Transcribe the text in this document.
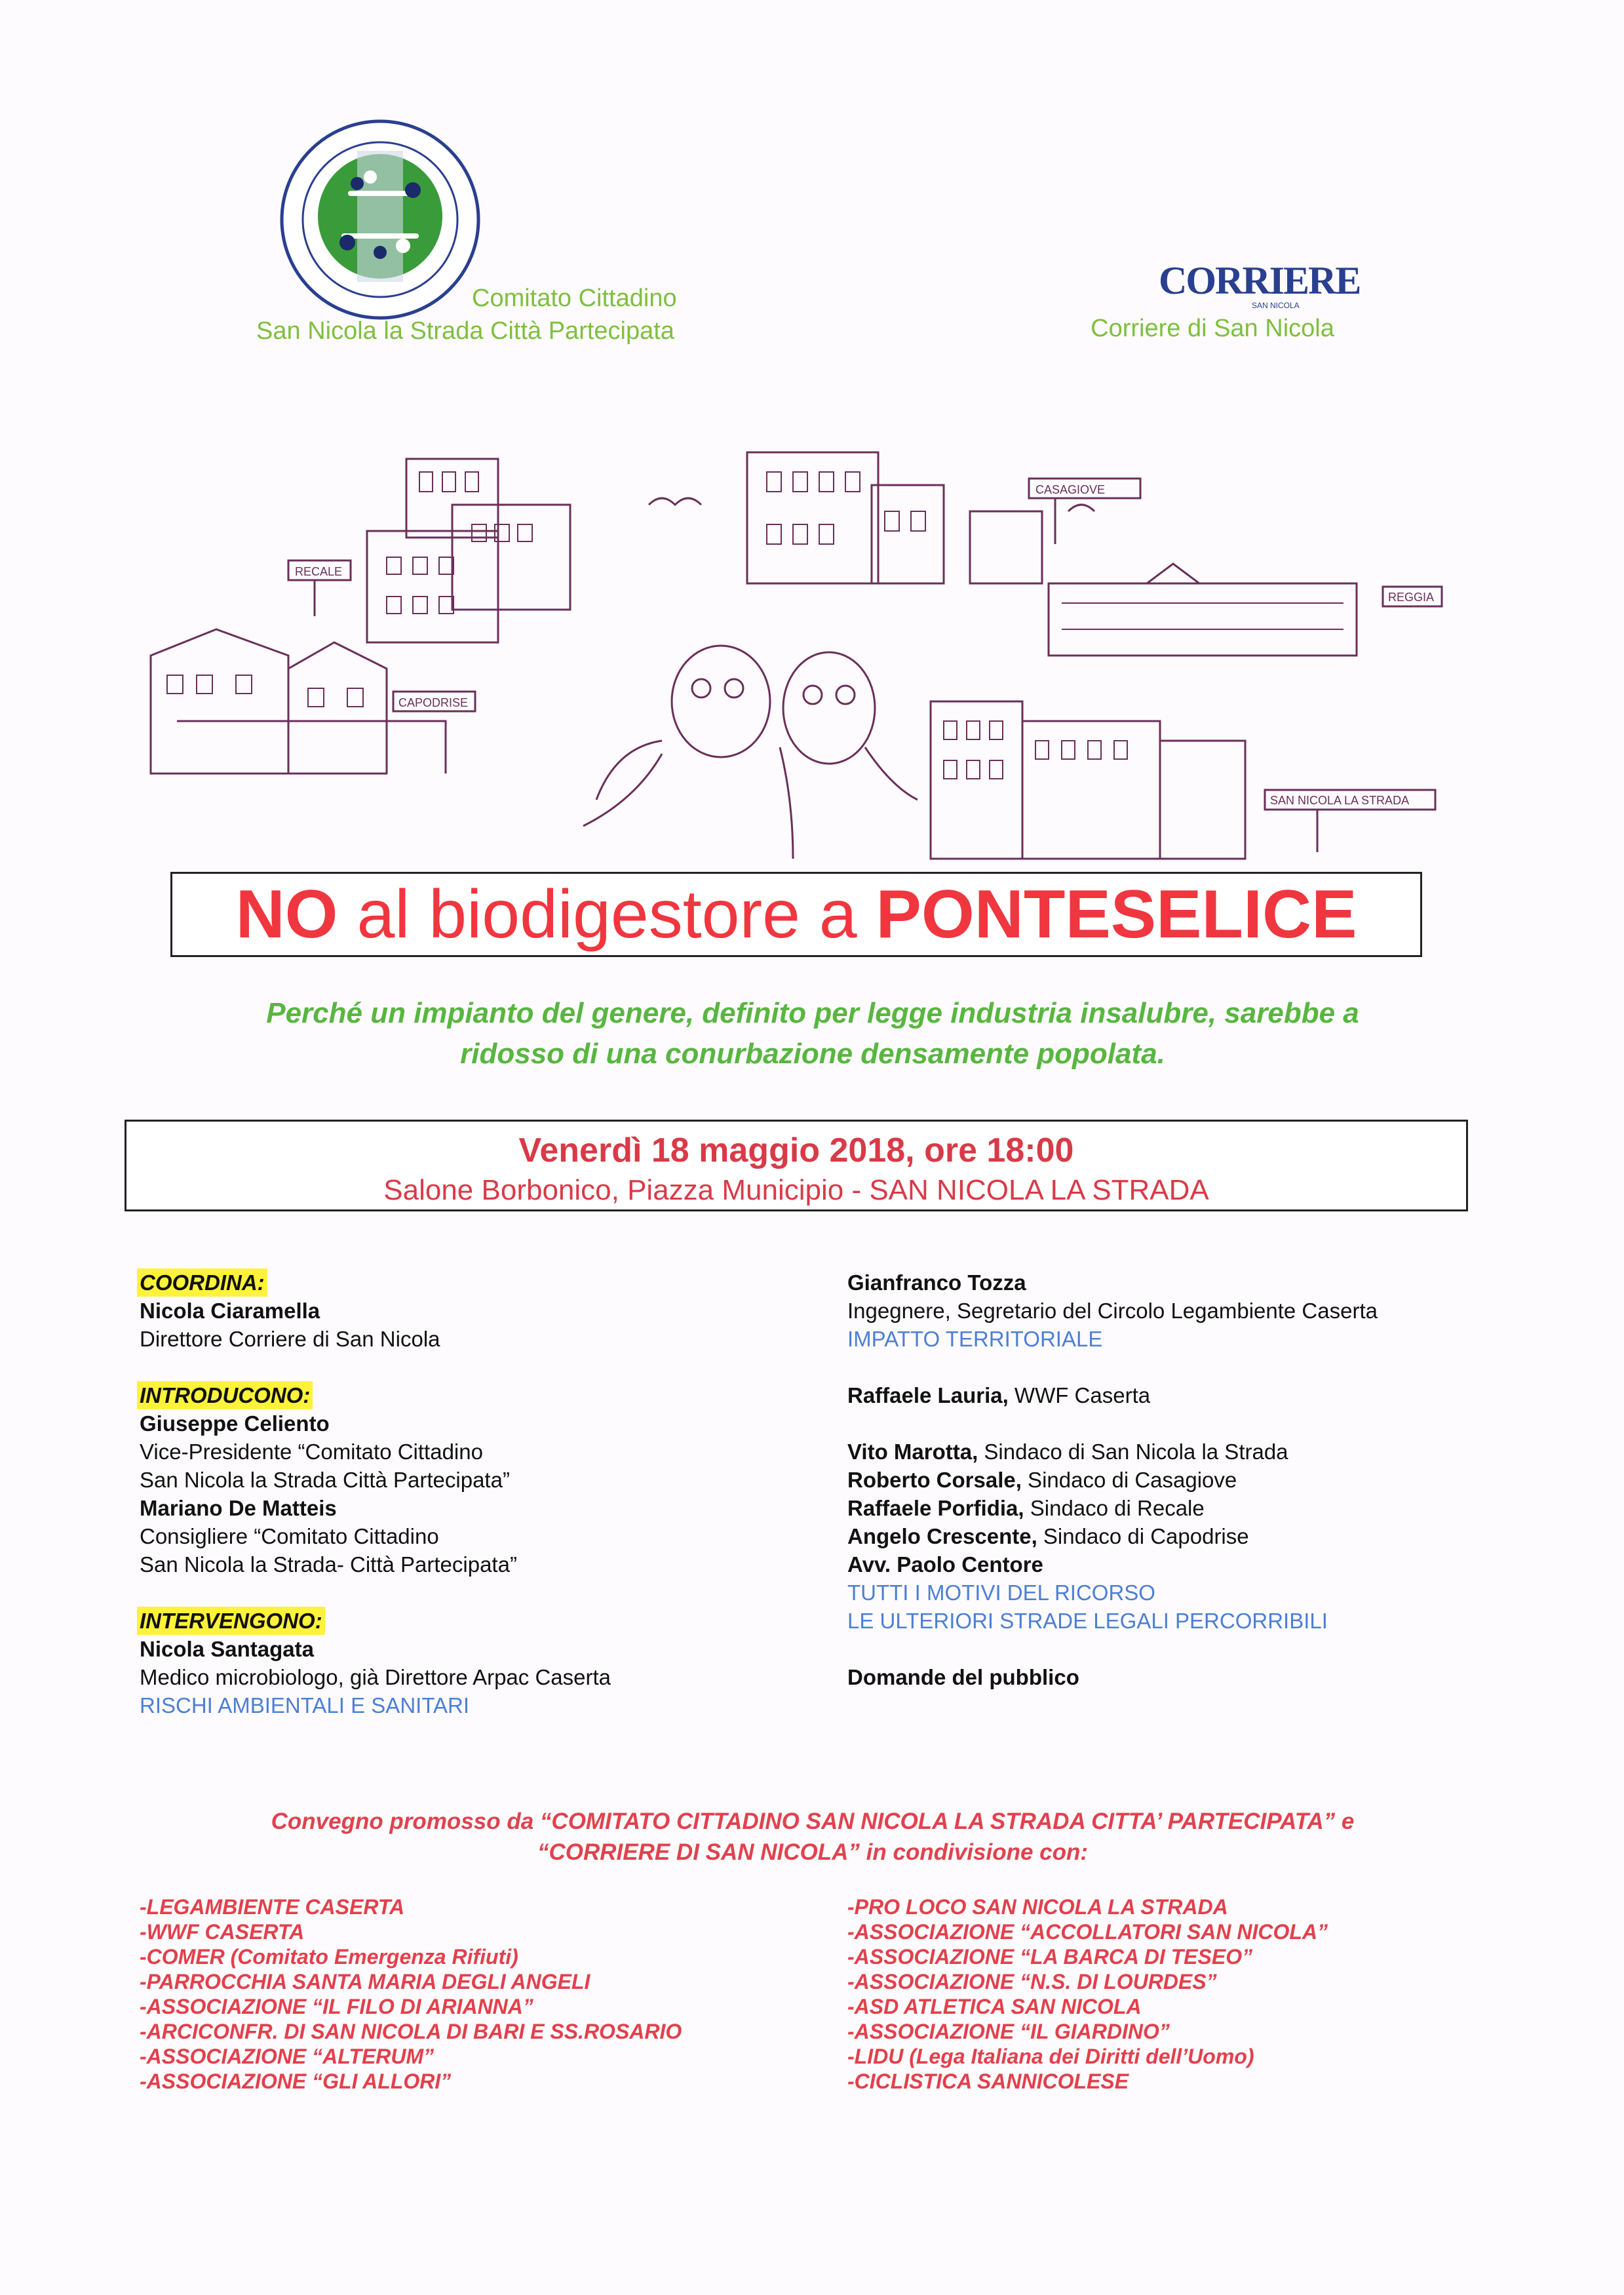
Comitato Cittadino
San Nicola la Strada Città Partecipata
CORRIERE
SAN NICOLA
Corriere di San Nicola
RECALE
CAPODRISE
CASAGIOVE
REGGIA
SAN NICOLA LA STRADA
NO al biodigestore a PONTESELICE
Perché un impianto del genere, definito per legge industria insalubre, sarebbe a
ridosso di una conurbazione densamente popolata.
Venerdì 18 maggio 2018, ore 18:00
Salone Borbonico, Piazza Municipio - SAN NICOLA LA STRADA
COORDINA:
Nicola Ciaramella
Direttore Corriere di San Nicola
INTRODUCONO:
Giuseppe Celiento
Vice-Presidente “Comitato Cittadino
San Nicola la Strada Città Partecipata”
Mariano De Matteis
Consigliere “Comitato Cittadino
San Nicola la Strada- Città Partecipata”
INTERVENGONO:
Nicola Santagata
Medico microbiologo, già Direttore Arpac Caserta
RISCHI AMBIENTALI E SANITARI
Gianfranco Tozza
Ingegnere, Segretario del Circolo Legambiente Caserta
IMPATTO TERRITORIALE
Raffaele Lauria, WWF Caserta
Vito Marotta, Sindaco di San Nicola la Strada
Roberto Corsale, Sindaco di Casagiove
Raffaele Porfidia, Sindaco di Recale
Angelo Crescente, Sindaco di Capodrise
Avv. Paolo Centore
TUTTI I MOTIVI DEL RICORSO
LE ULTERIORI STRADE LEGALI PERCORRIBILI
Domande del pubblico
Convegno promosso da “COMITATO CITTADINO SAN NICOLA LA STRADA CITTA’ PARTECIPATA” e
“CORRIERE DI SAN NICOLA” in condivisione con:
-LEGAMBIENTE CASERTA
-WWF CASERTA
-COMER (Comitato Emergenza Rifiuti)
-PARROCCHIA SANTA MARIA DEGLI ANGELI
-ASSOCIAZIONE “IL FILO DI ARIANNA”
-ARCICONFR. DI SAN NICOLA DI BARI E SS.ROSARIO
-ASSOCIAZIONE “ALTERUM”
-ASSOCIAZIONE “GLI ALLORI”
-PRO LOCO SAN NICOLA LA STRADA
-ASSOCIAZIONE “ACCOLLATORI SAN NICOLA”
-ASSOCIAZIONE “LA BARCA DI TESEO”
-ASSOCIAZIONE “N.S. DI LOURDES”
-ASD ATLETICA SAN NICOLA
-ASSOCIAZIONE “IL GIARDINO”
-LIDU (Lega Italiana dei Diritti dell’Uomo)
-CICLISTICA SANNICOLESE
